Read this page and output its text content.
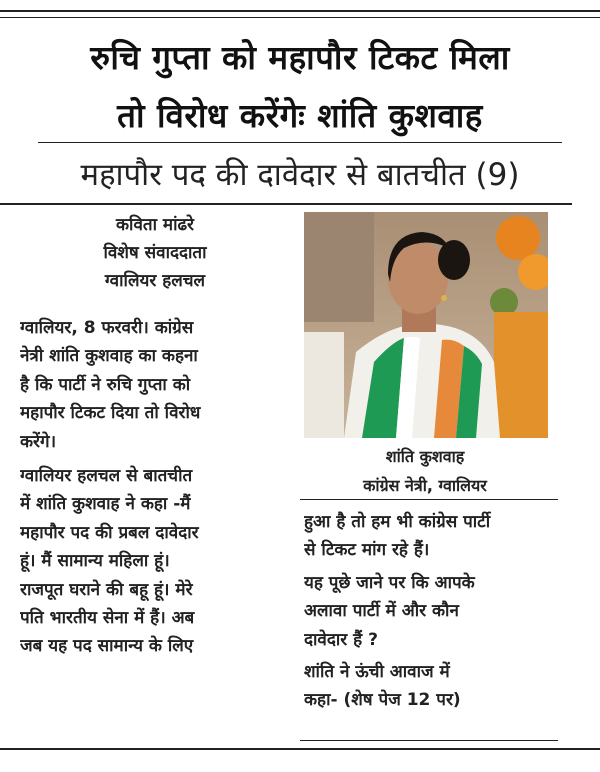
रुचि गुप्ता को महापौर टिकट मिला
तो विरोध करेंगेः शांति कुशवाह
महापौर पद की दावेदार से बातचीत (9)
कविता मांढरे
विशेष संवाददाता
ग्वालियर हलचल
ग्वालियर, 8 फरवरी। कांग्रेस
नेत्री शांति कुशवाह का कहना
है कि पार्टी ने रुचि गुप्ता को
महापौर टिकट दिया तो विरोध
करेंगे।
ग्वालियर हलचल से बातचीत
में शांति कुशवाह ने कहा -मैं
महापौर पद की प्रबल दावेदार
हूं। मैं सामान्य महिला हूं।
राजपूत घराने की बहू हूं। मेरे
पति भारतीय सेना में हैं। अब
जब यह पद सामान्य के लिए
शांति कुशवाह
कांग्रेस नेत्री, ग्वालियर
हुआ है तो हम भी कांग्रेस पार्टी
से टिकट मांग रहे हैं।
यह पूछे जाने पर कि आपके
अलावा पार्टी में और कौन
दावेदार हैं ?
शांति ने ऊंची आवाज में
कहा- (शेष पेज 12 पर)
